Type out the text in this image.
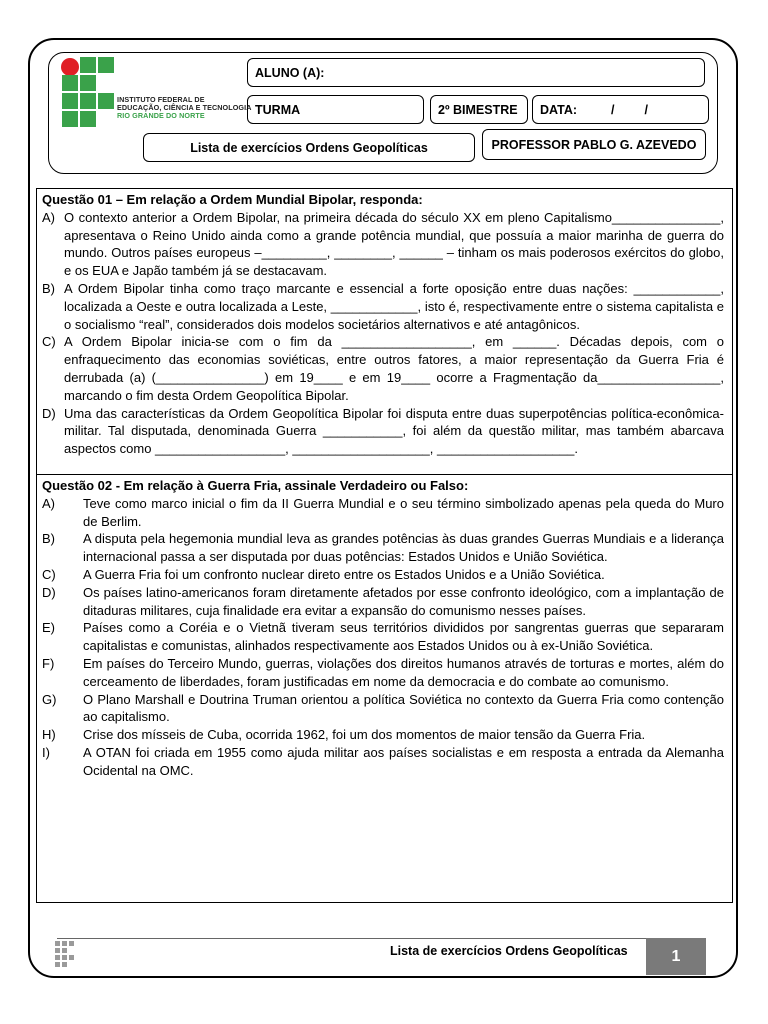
INSTITUTO FEDERAL DE
EDUCAÇÃO, CIÊNCIA E TECNOLOGIA
RIO GRANDE DO NORTE
ALUNO (A):
TURMA	2º BIMESTRE DATA:	/ /
Lista de exercícios Ordens Geopolíticas	PROFESSOR PABLO G. AZEVEDO
Questão 01 – Em relação a Ordem Mundial Bipolar, responda:
A) O contexto anterior a Ordem Bipolar, na primeira década do século XX em pleno Capitalismo_______________, apresentava o Reino Unido ainda como a grande potência mundial, que possuía a maior marinha de guerra do mundo. Outros países europeus –_________, ________, ______ – tinham os mais poderosos exércitos do globo, e os EUA e Japão também já se destacavam.
B) A Ordem Bipolar tinha como traço marcante e essencial a forte oposição entre duas nações: ____________, localizada a Oeste e outra localizada a Leste, ____________, isto é, respectivamente entre o sistema capitalista e o socialismo “real”, considerados dois modelos societários alternativos e até antagônicos.
C) A Ordem Bipolar inicia-se com o fim da __________________, em ______. Décadas depois, com o enfraquecimento das economias soviéticas, entre outros fatores, a maior representação da Guerra Fria é derrubada (a) (_______________) em 19____ e em 19____ ocorre a Fragmentação da_________________, marcando o fim desta Ordem Geopolítica Bipolar.
D) Uma das características da Ordem Geopolítica Bipolar foi disputa entre duas superpotências política-econômica-militar. Tal disputada, denominada Guerra ___________, foi além da questão militar, mas também abarcava aspectos como __________________, ___________________, ___________________.
Questão 02 - Em relação à Guerra Fria, assinale Verdadeiro ou Falso:
A)	Teve como marco inicial o fim da II Guerra Mundial e o seu término simbolizado apenas pela queda do Muro de Berlim.
B)	A disputa pela hegemonia mundial leva as grandes potências às duas grandes Guerras Mundiais e a liderança internacional passa a ser disputada por duas potências: Estados Unidos e União Soviética.
C)	A Guerra Fria foi um confronto nuclear direto entre os Estados Unidos e a União Soviética.
D)	Os países latino-americanos foram diretamente afetados por esse confronto ideológico, com a implantação de ditaduras militares, cuja finalidade era evitar a expansão do comunismo nesses países.
E)	Países como a Coréia e o Vietnã tiveram seus territórios divididos por sangrentas guerras que separaram capitalistas e comunistas, alinhados respectivamente aos Estados Unidos ou à ex-União Soviética.
F)	Em países do Terceiro Mundo, guerras, violações dos direitos humanos através de torturas e mortes, além do cerceamento de liberdades, foram justificadas em nome da democracia e do combate ao comunismo.
G)	O Plano Marshall e Doutrina Truman orientou a política Soviética no contexto da Guerra Fria como contenção ao capitalismo.
H)	Crise dos mísseis de Cuba, ocorrida 1962, foi um dos momentos de maior tensão da Guerra Fria.
I)	A OTAN foi criada em 1955 como ajuda militar aos países socialistas e em resposta a entrada da Alemanha Ocidental na OMC.
Lista de exercícios Ordens Geopolíticas	1
